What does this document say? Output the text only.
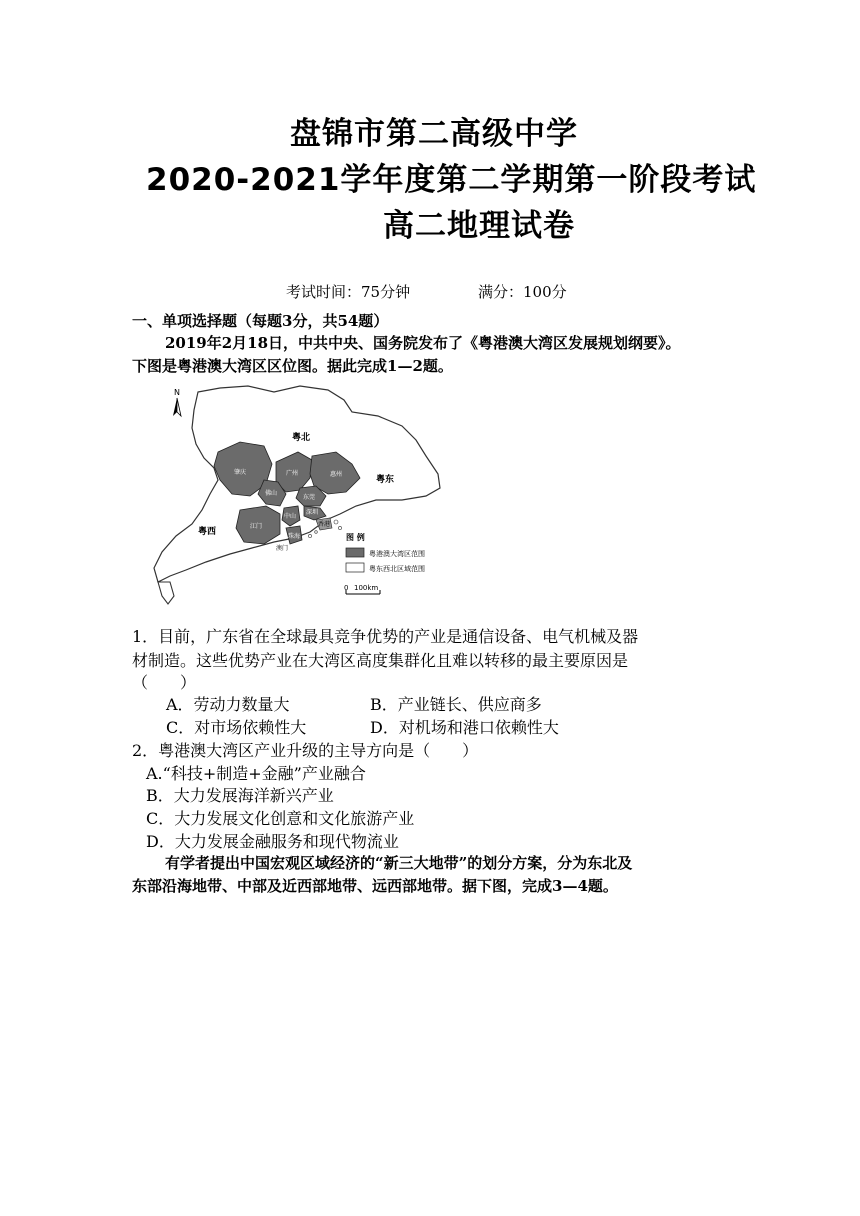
盘锦市第二高级中学
2020-2021学年度第二学期第一阶段考试
高二地理试卷
考试时间：75分钟	满分：100分
一、单项选择题（每题3分，共54题）
2019年2月18日，中共中央、国务院发布了《粤港澳大湾区发展规划纲要》。
下图是粤港澳大湾区区位图。据此完成1—2题。
N
肇庆	广州	惠州
佛山
东莞
江门
中山
珠海
深圳
香港
澳门
粤北
粤东
粤西
图 例
粤港澳大湾区范围
粤东西北区域范围
0 100km
1．目前，广东省在全球最具竞争优势的产业是通信设备、电气机械及器
材制造。这些优势产业在大湾区高度集群化且难以转移的最主要原因是
（　　）
A．劳动力数量大	B．产业链长、供应商多
C．对市场依赖性大	D．对机场和港口依赖性大
2．粤港澳大湾区产业升级的主导方向是（　　）
A.“科技+制造+金融”产业融合
B．大力发展海洋新兴产业
C．大力发展文化创意和文化旅游产业
D．大力发展金融服务和现代物流业
有学者提出中国宏观区域经济的“新三大地带”的划分方案，分为东北及
东部沿海地带、中部及近西部地带、远西部地带。据下图，完成3—4题。
